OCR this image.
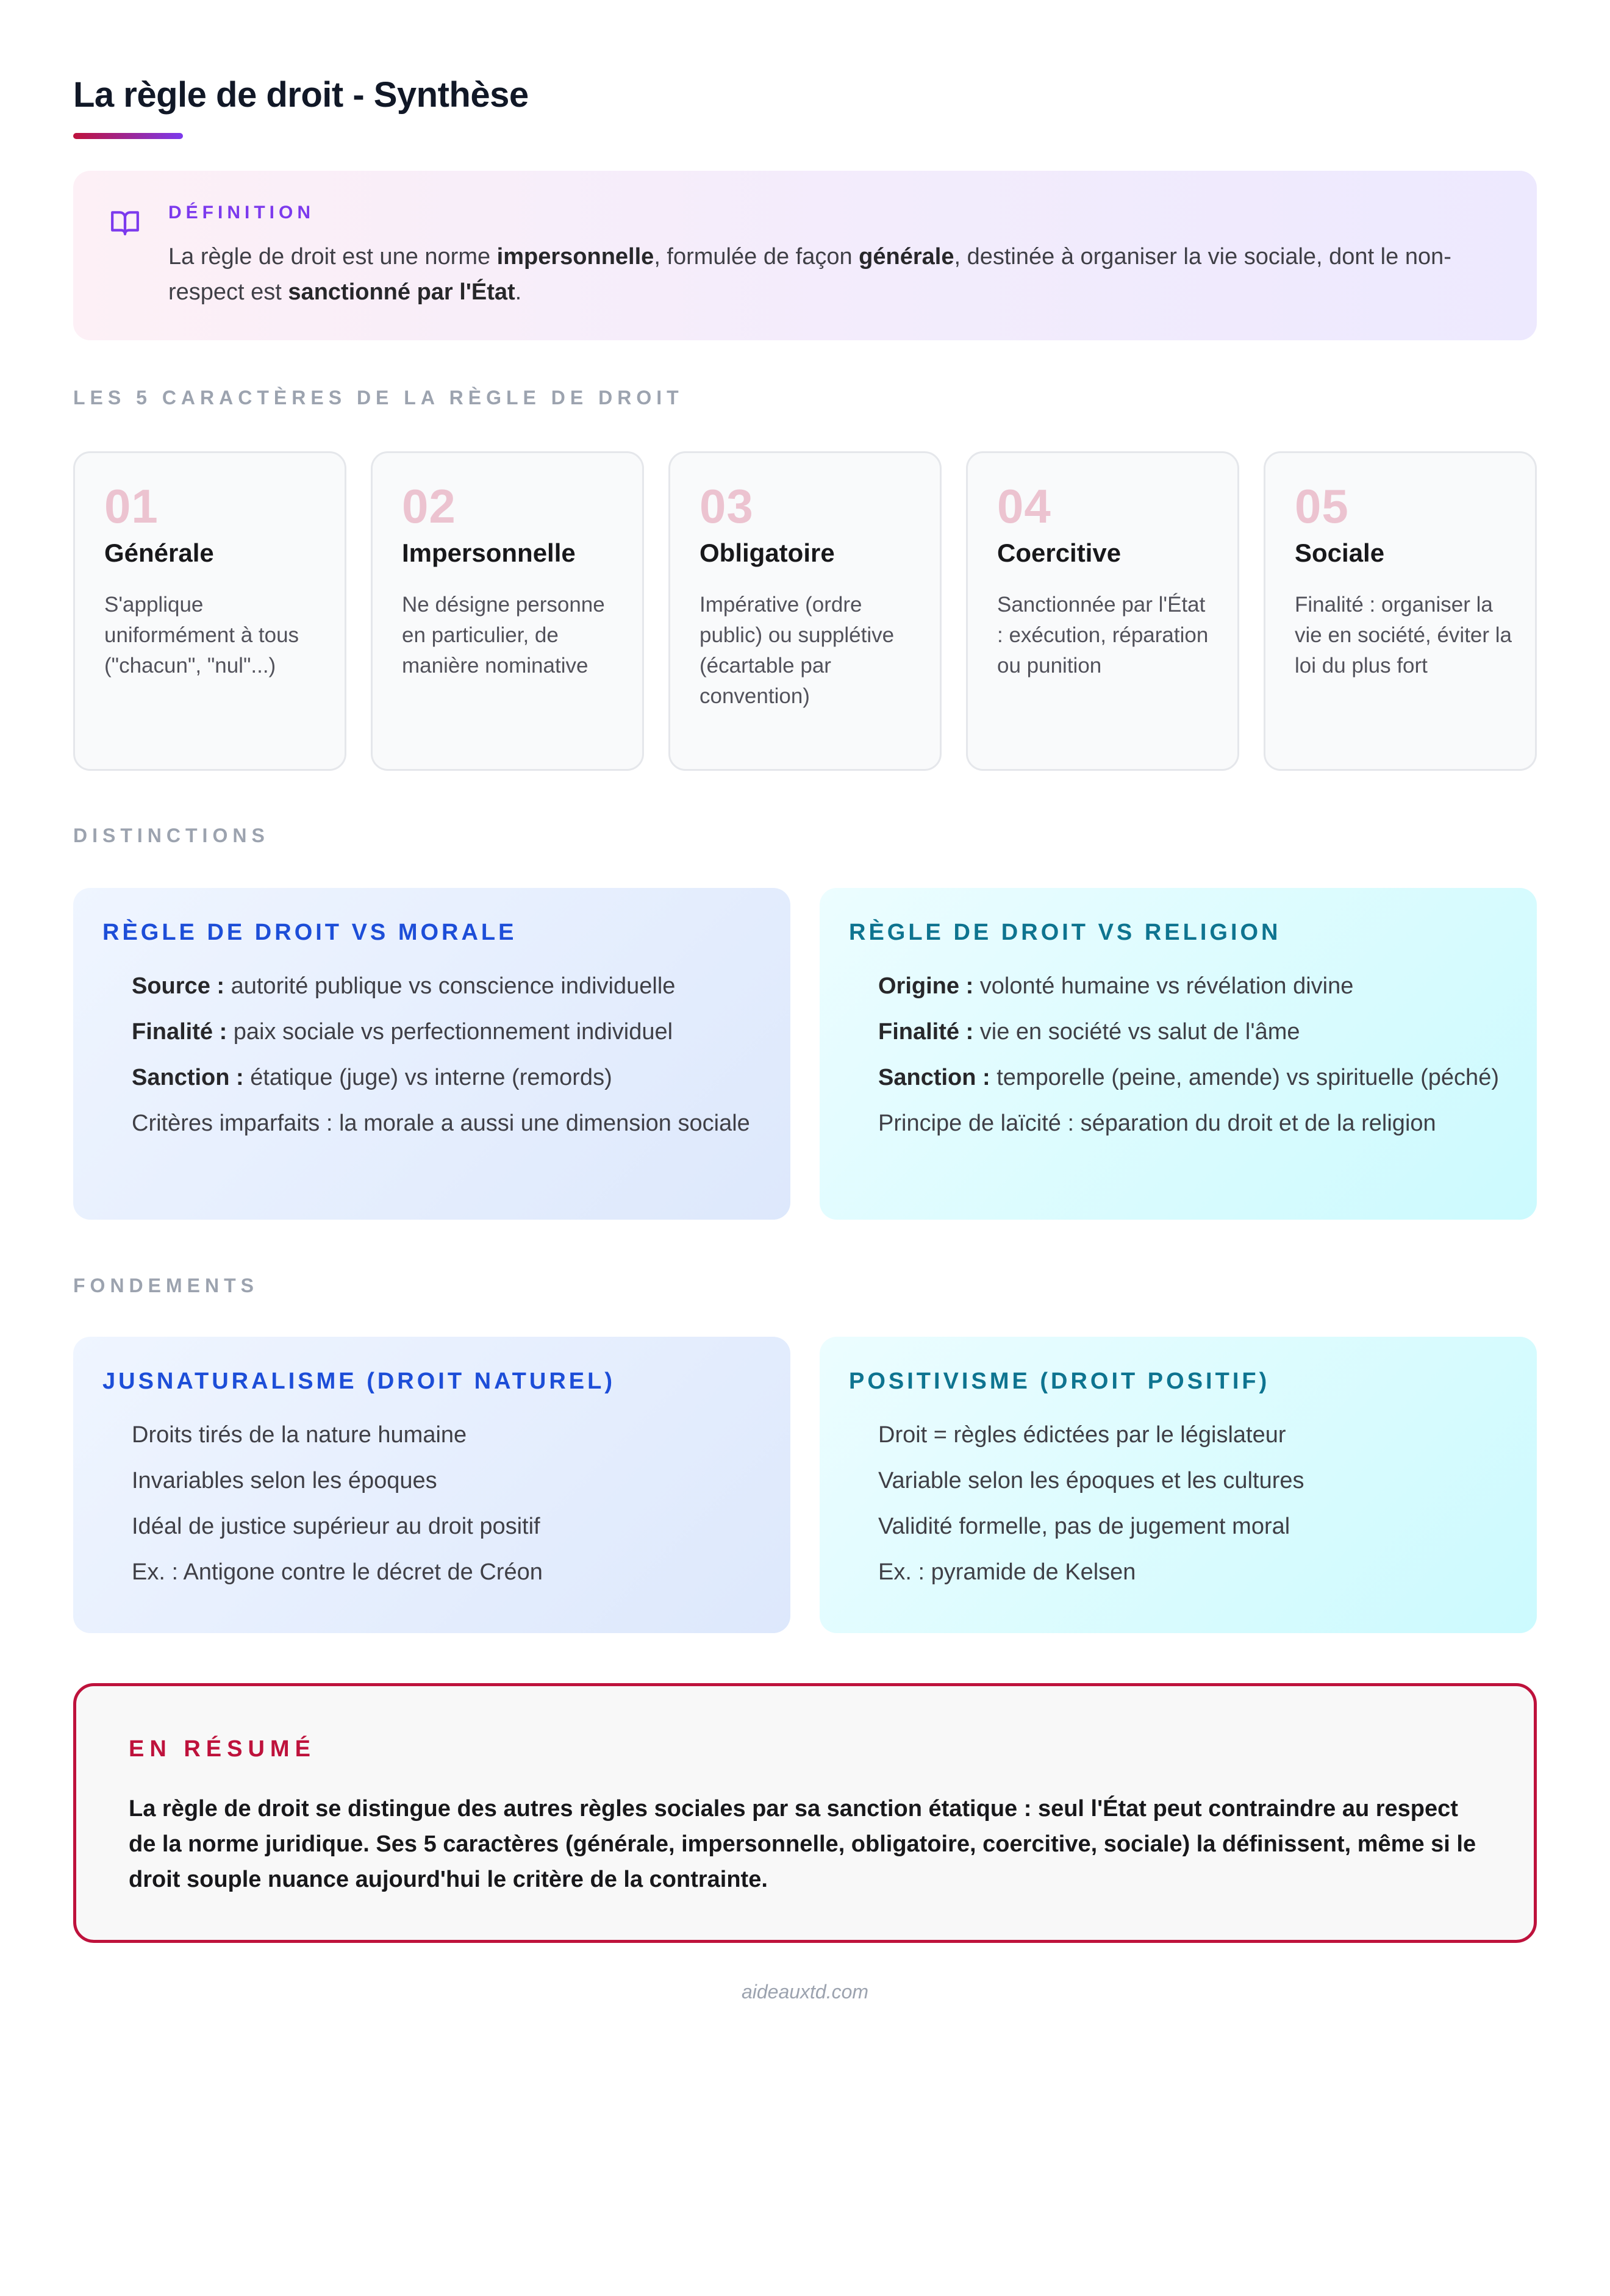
La règle de droit - Synthèse
DÉFINITION
La règle de droit est une norme impersonnelle, formulée de façon générale, destinée à organiser la vie sociale, dont le non-respect est sanctionné par l'État.
LES 5 CARACTÈRES DE LA RÈGLE DE DROIT
01
Générale
S'applique uniformément à tous ("chacun", "nul"...)
02
Impersonnelle
Ne désigne personne en particulier, de manière nominative
03
Obligatoire
Impérative (ordre public) ou supplétive (écartable par convention)
04
Coercitive
Sanctionnée par l'État : exécution, réparation ou punition
05
Sociale
Finalité : organiser la vie en société, éviter la loi du plus fort
DISTINCTIONS
RÈGLE DE DROIT VS MORALE
Source : autorité publique vs conscience individuelle
Finalité : paix sociale vs perfectionnement individuel
Sanction : étatique (juge) vs interne (remords)
Critères imparfaits : la morale a aussi une dimension sociale
RÈGLE DE DROIT VS RELIGION
Origine : volonté humaine vs révélation divine
Finalité : vie en société vs salut de l'âme
Sanction : temporelle (peine, amende) vs spirituelle (péché)
Principe de laïcité : séparation du droit et de la religion
FONDEMENTS
JUSNATURALISME (DROIT NATUREL)
Droits tirés de la nature humaine
Invariables selon les époques
Idéal de justice supérieur au droit positif
Ex. : Antigone contre le décret de Créon
POSITIVISME (DROIT POSITIF)
Droit = règles édictées par le législateur
Variable selon les époques et les cultures
Validité formelle, pas de jugement moral
Ex. : pyramide de Kelsen
EN RÉSUMÉ
La règle de droit se distingue des autres règles sociales par sa sanction étatique : seul l'État peut contraindre au respect de la norme juridique. Ses 5 caractères (générale, impersonnelle, obligatoire, coercitive, sociale) la définissent, même si le droit souple nuance aujourd'hui le critère de la contrainte.
aideauxtd.com
